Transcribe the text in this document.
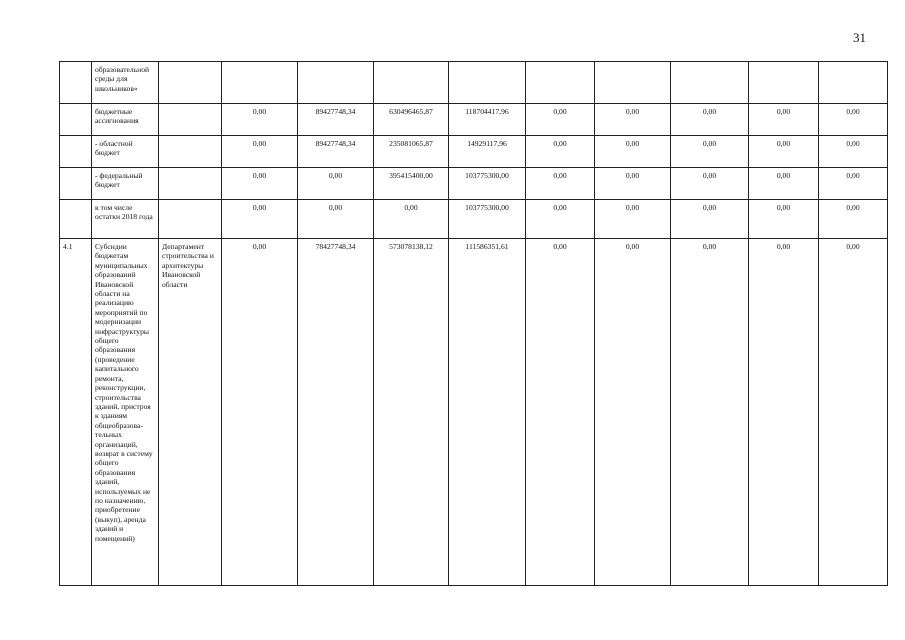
31
	образовательной среды для школьников»										
	бюджетные ассигнования		0,00	89427748,34	630496465,87	118704417,96	0,00	0,00	0,00	0,00	0,00
	- областной бюджет		0,00	89427748,34	235081065,87	14929117,96	0,00	0,00	0,00	0,00	0,00
	- федеральный бюджет		0,00	0,00	395415400,00	103775300,00	0,00	0,00	0,00	0,00	0,00
	в том числе остатки 2018 года		0,00	0,00	0,00	103775300,00	0,00	0,00	0,00	0,00	0,00
4.1	Субсидии бюджетам муниципальных образований Ивановской области на реализацию мероприятий по модернизации инфраструктуры общего образования (проведение капитального ремонта, реконструкции, строительства зданий, пристроя к зданиям общеобразова-тельных организаций, возврат в систему общего образования зданий, используемых не по назначению, приобретение (выкуп), аренда зданий и помещений)	Департамент строительства и архитектуры Ивановской области	0,00	78427748,34	573078138,12	111586351,61	0,00	0,00	0,00	0,00	0,00
